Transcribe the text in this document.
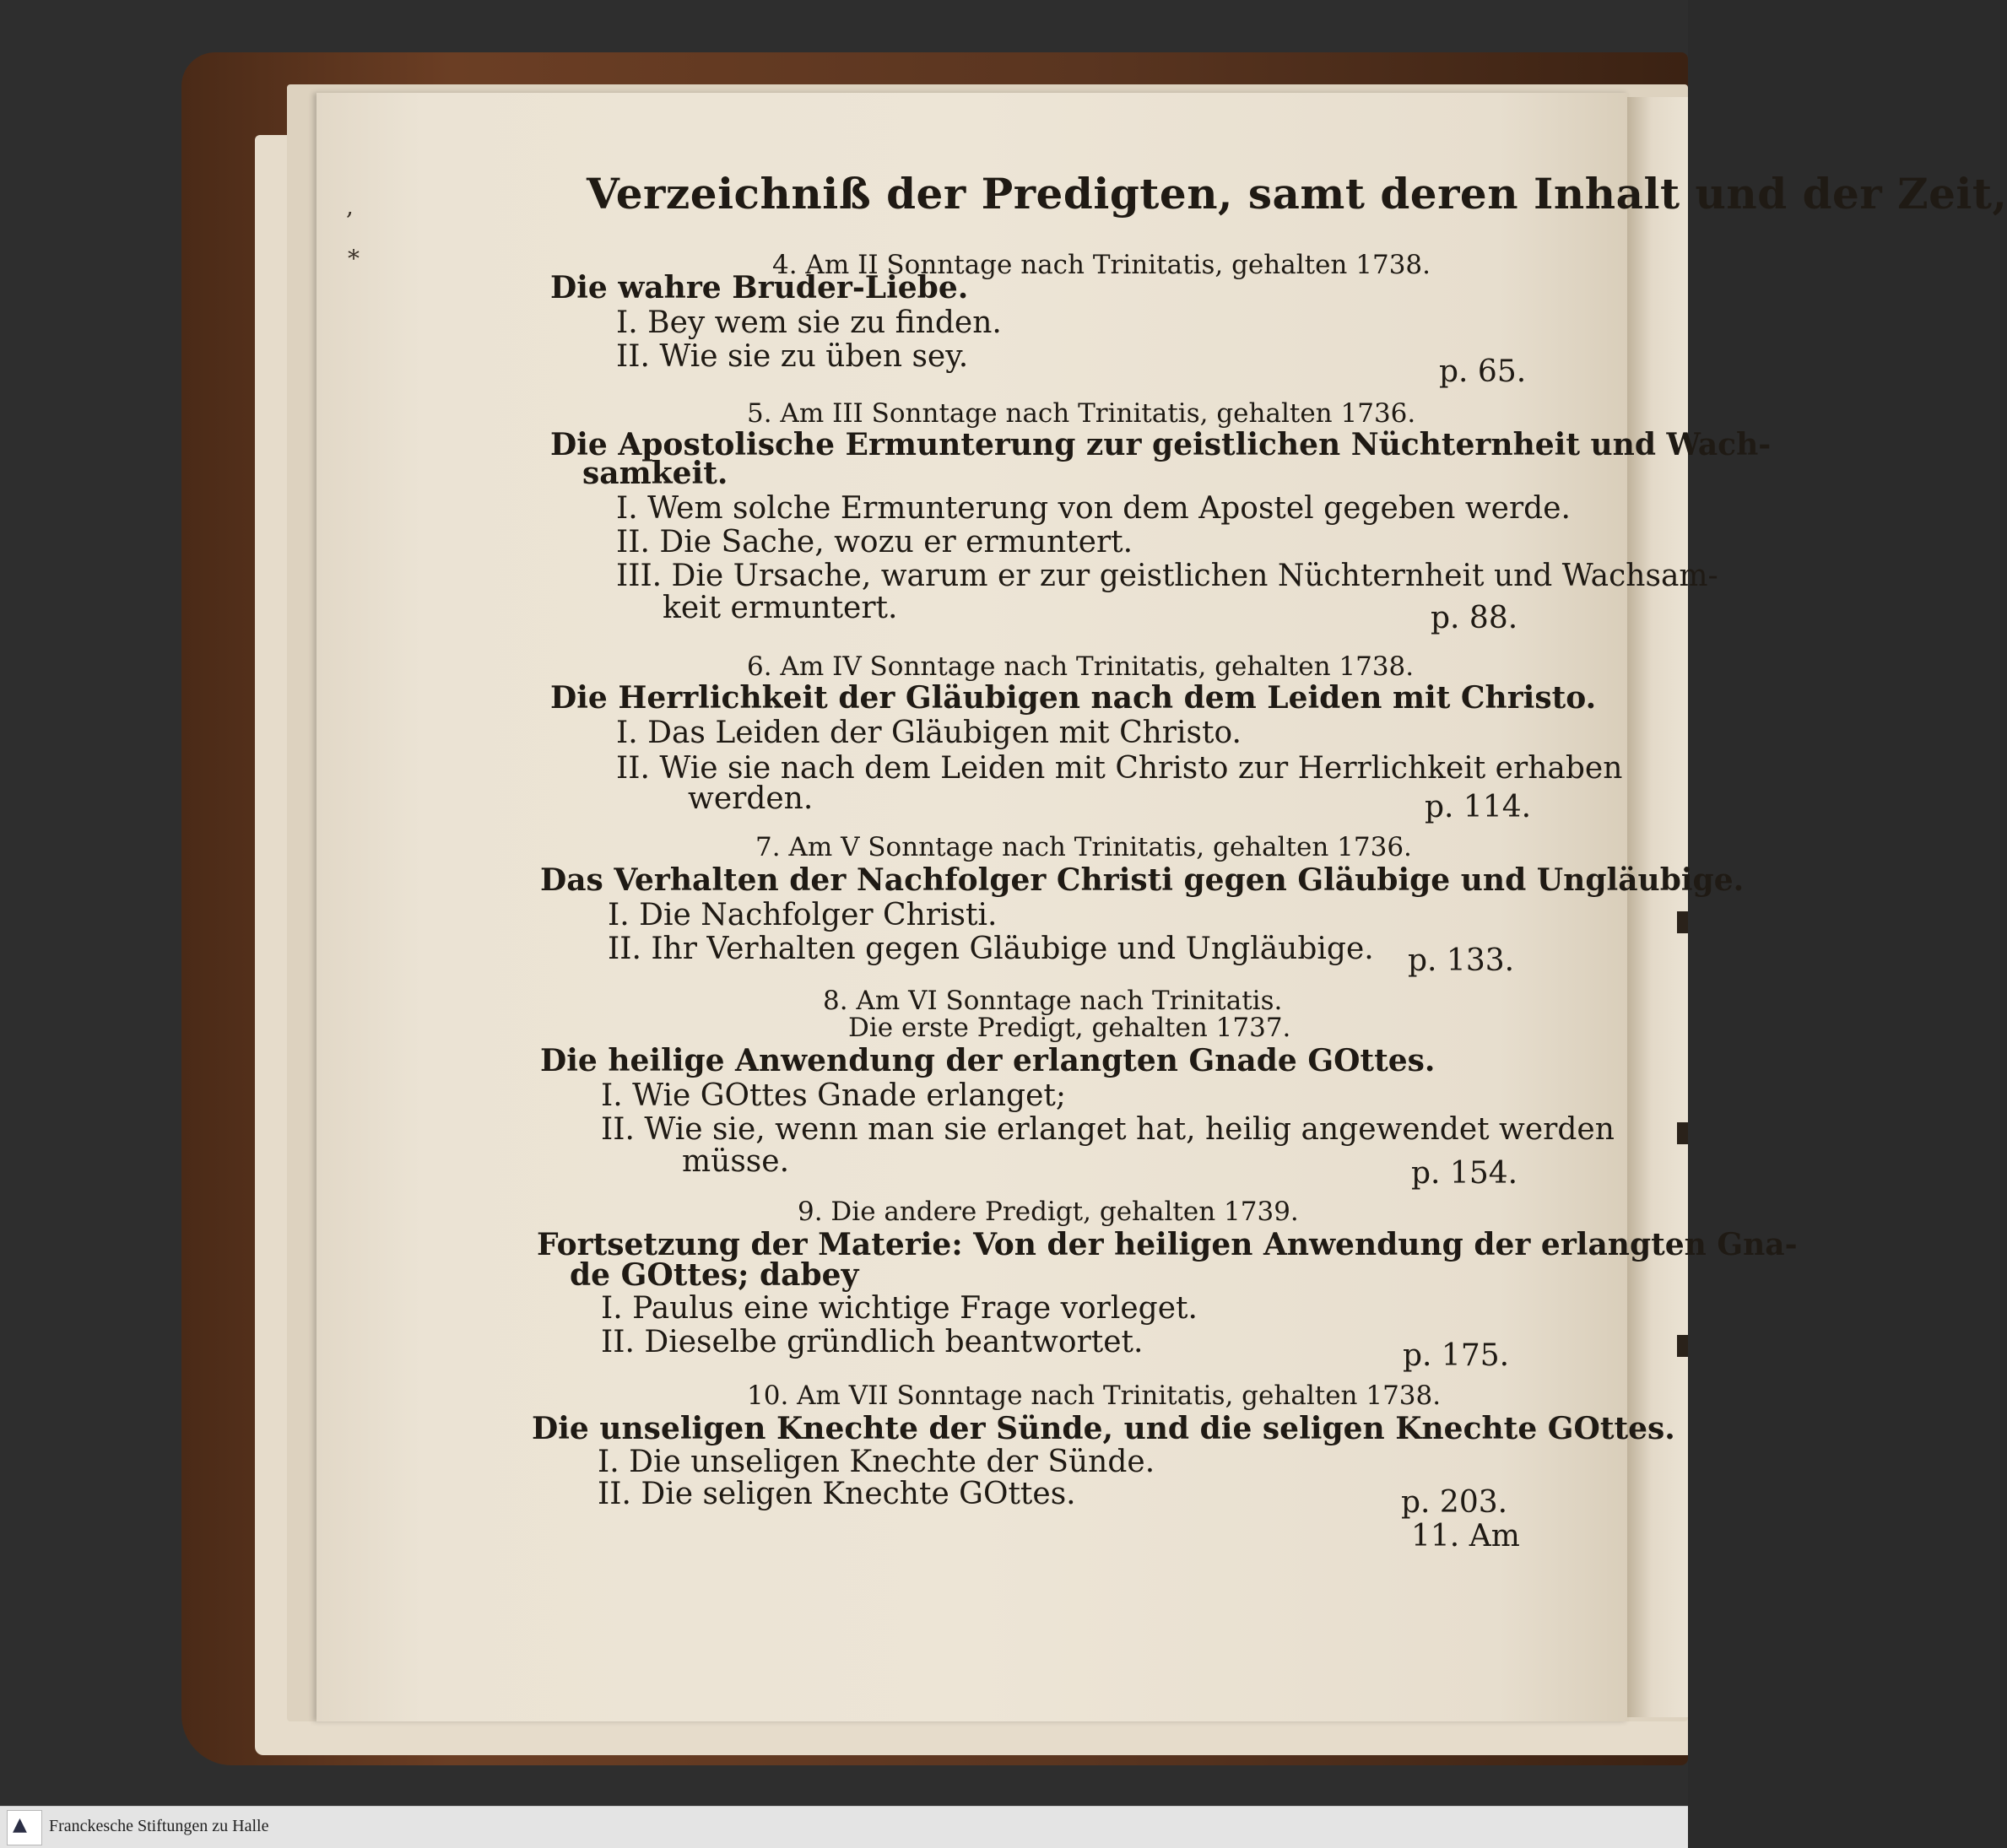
,
*
Verzeichniß der Predigten, samt deren Inhalt und der Zeit,
4. Am II Sonntage nach Trinitatis, gehalten 1738.
Die wahre Bruder-Liebe.
I. Bey wem sie zu finden.
II. Wie sie zu üben sey.	p. 65.
5. Am III Sonntage nach Trinitatis, gehalten 1736.
Die Apostolische Ermunterung zur geistlichen Nüchternheit und Wach-
samkeit.
I. Wem solche Ermunterung von dem Apostel gegeben werde.
II. Die Sache, wozu er ermuntert.
III. Die Ursache, warum er zur geistlichen Nüchternheit und Wachsam-
keit ermuntert.	p. 88.
6. Am IV Sonntage nach Trinitatis, gehalten 1738.
Die Herrlichkeit der Gläubigen nach dem Leiden mit Christo.
I. Das Leiden der Gläubigen mit Christo.
II. Wie sie nach dem Leiden mit Christo zur Herrlichkeit erhaben
werden.	p. 114.
7. Am V Sonntage nach Trinitatis, gehalten 1736.
Das Verhalten der Nachfolger Christi gegen Gläubige und Ungläubige.
I. Die Nachfolger Christi.
II. Ihr Verhalten gegen Gläubige und Ungläubige. p. 133.
8. Am VI Sonntage nach Trinitatis.
Die erste Predigt, gehalten 1737.
Die heilige Anwendung der erlangten Gnade GOttes.
I. Wie GOttes Gnade erlanget;
II. Wie sie, wenn man sie erlanget hat, heilig angewendet werden
müsse.	p. 154.
9. Die andere Predigt, gehalten 1739.
Fortsetzung der Materie: Von der heiligen Anwendung der erlangten Gna-
de GOttes; dabey
I. Paulus eine wichtige Frage vorleget.
II. Dieselbe gründlich beantwortet.	p. 175.
10. Am VII Sonntage nach Trinitatis, gehalten 1738.
Die unseligen Knechte der Sünde, und die seligen Knechte GOttes.
I. Die unseligen Knechte der Sünde.
II. Die seligen Knechte GOttes.	p. 203.
11. Am
▲ Franckesche Stiftungen zu Halle
